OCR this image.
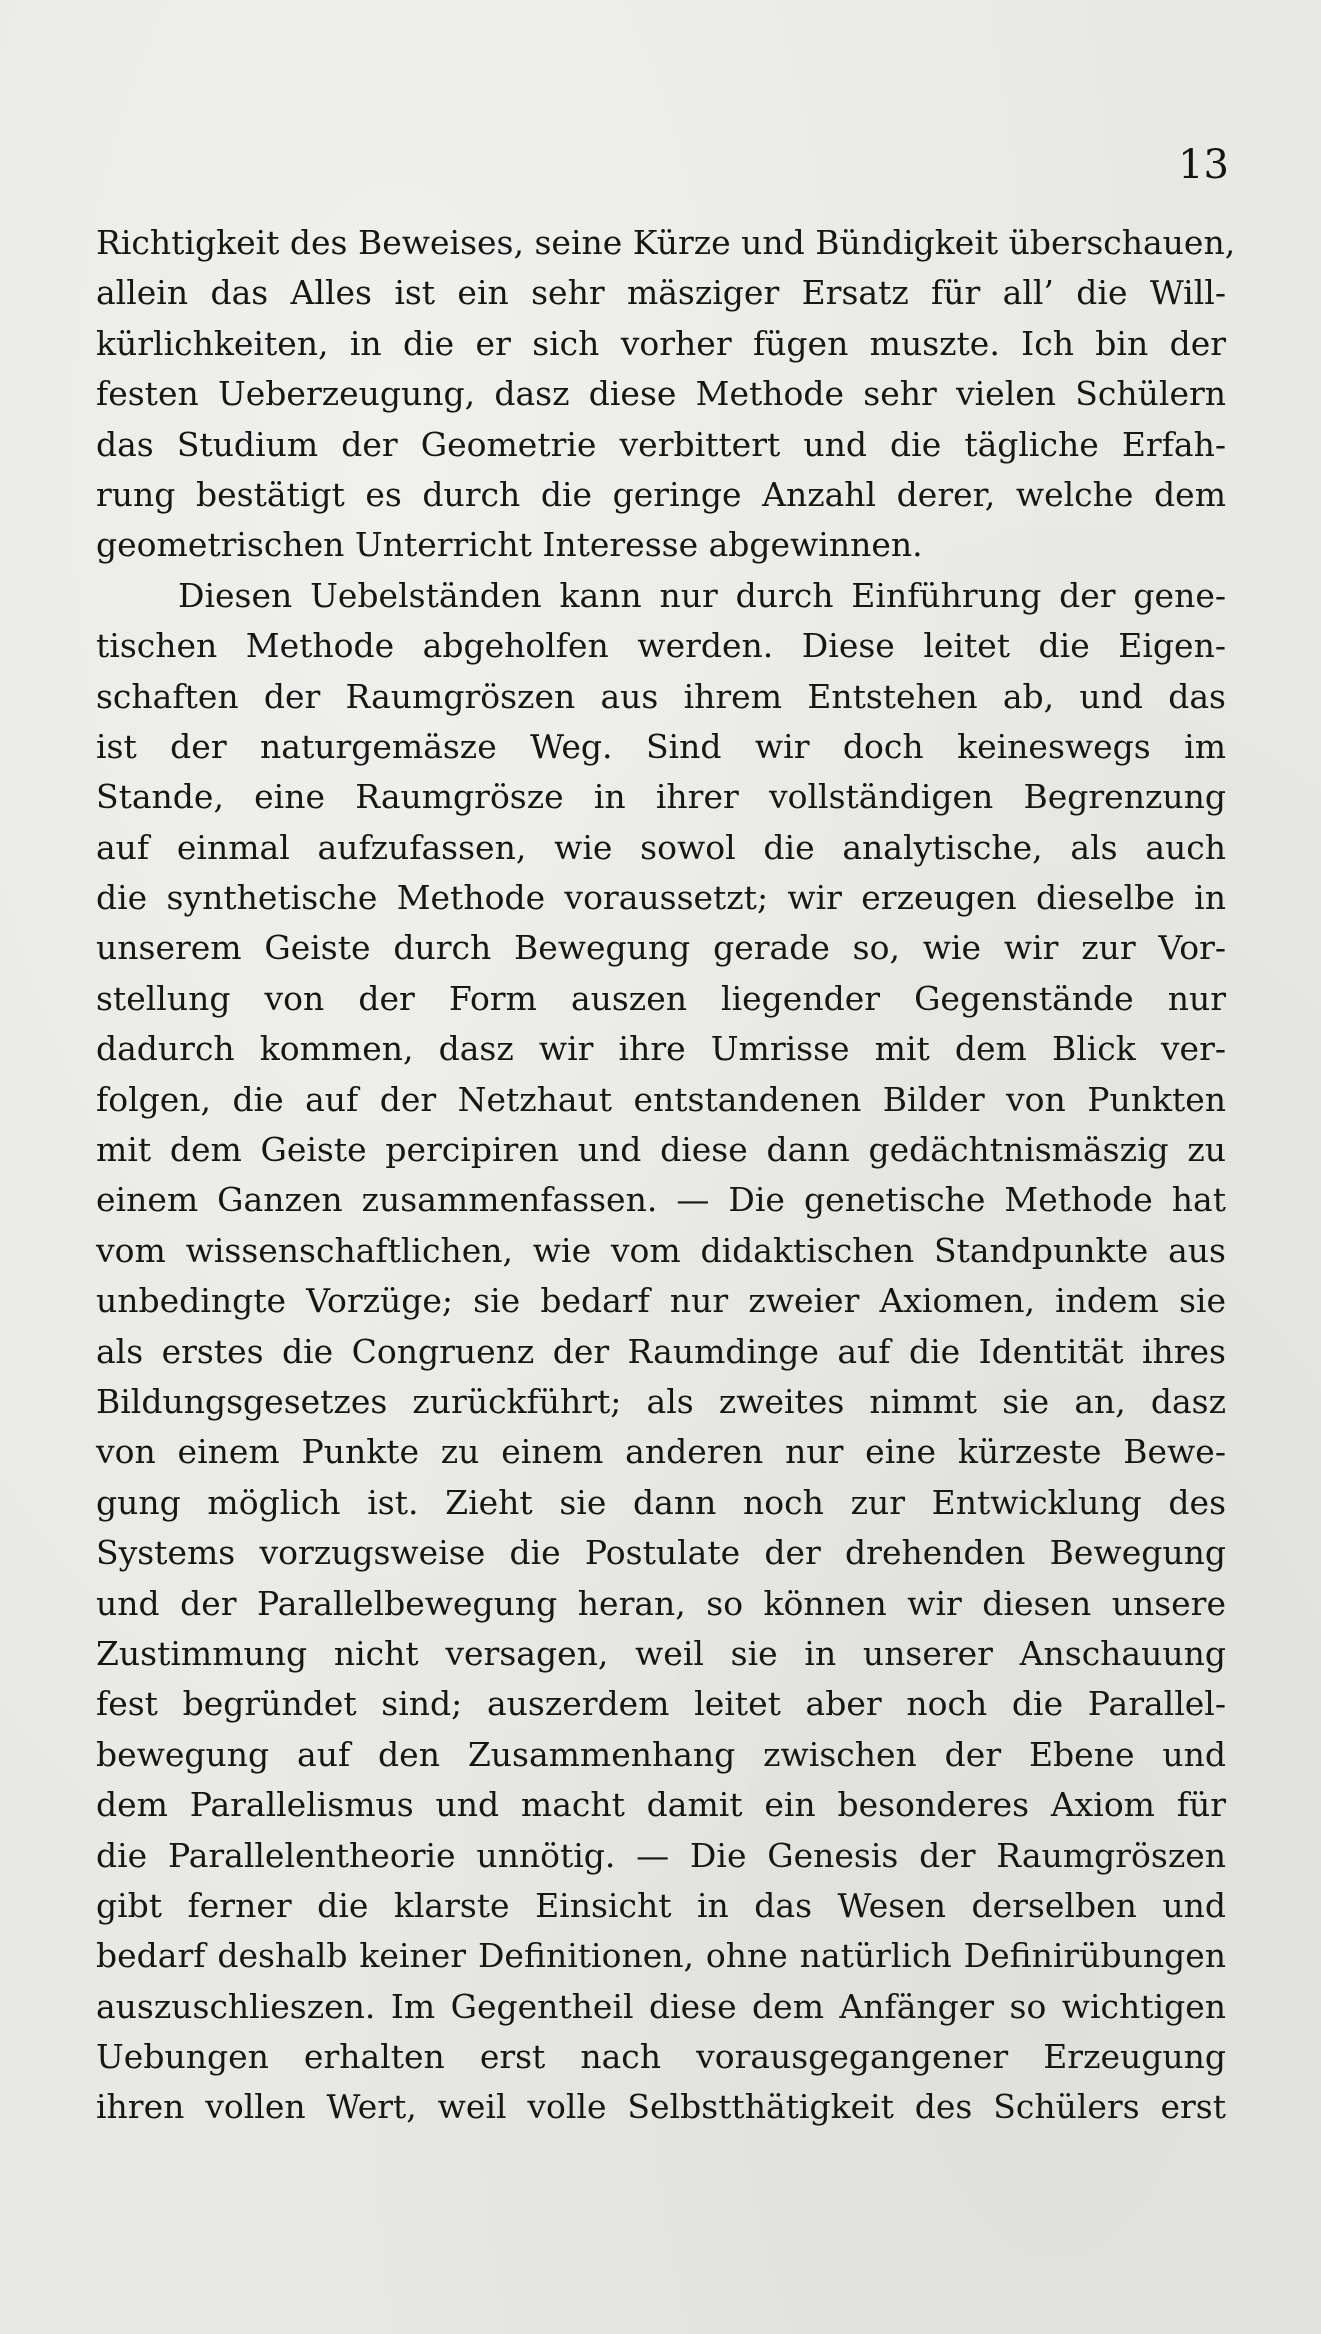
13

Richtigkeit des Beweises, seine Kürze und Bündigkeit überschauen,
allein das Alles ist ein sehr mäsziger Ersatz für all’ die Will-
kürlichkeiten, in die er sich vorher fügen muszte. Ich bin der
festen Ueberzeugung, dasz diese Methode sehr vielen Schülern
das Studium der Geometrie verbittert und die tägliche Erfah-
rung bestätigt es durch die geringe Anzahl derer, welche dem
geometrischen Unterricht Interesse abgewinnen.
Diesen Uebelständen kann nur durch Einführung der gene-
tischen Methode abgeholfen werden. Diese leitet die Eigen-
schaften der Raumgröszen aus ihrem Entstehen ab, und das
ist der naturgemäsze Weg. Sind wir doch keineswegs im
Stande, eine Raumgrösze in ihrer vollständigen Begrenzung
auf einmal aufzufassen, wie sowol die analytische, als auch
die synthetische Methode voraussetzt; wir erzeugen dieselbe in
unserem Geiste durch Bewegung gerade so, wie wir zur Vor-
stellung von der Form auszen liegender Gegenstände nur
dadurch kommen, dasz wir ihre Umrisse mit dem Blick ver-
folgen, die auf der Netzhaut entstandenen Bilder von Punkten
mit dem Geiste percipiren und diese dann gedächtnismäszig zu
einem Ganzen zusammenfassen. — Die genetische Methode hat
vom wissenschaftlichen, wie vom didaktischen Standpunkte aus
unbedingte Vorzüge; sie bedarf nur zweier Axiomen, indem sie
als erstes die Congruenz der Raumdinge auf die Identität ihres
Bildungsgesetzes zurückführt; als zweites nimmt sie an, dasz
von einem Punkte zu einem anderen nur eine kürzeste Bewe-
gung möglich ist. Zieht sie dann noch zur Entwicklung des
Systems vorzugsweise die Postulate der drehenden Bewegung
und der Parallelbewegung heran, so können wir diesen unsere
Zustimmung nicht versagen, weil sie in unserer Anschauung
fest begründet sind; auszerdem leitet aber noch die Parallel-
bewegung auf den Zusammenhang zwischen der Ebene und
dem Parallelismus und macht damit ein besonderes Axiom für
die Parallelentheorie unnötig. — Die Genesis der Raumgröszen
gibt ferner die klarste Einsicht in das Wesen derselben und
bedarf deshalb keiner Definitionen, ohne natürlich Definirübungen
auszuschlieszen. Im Gegentheil diese dem Anfänger so wichtigen
Uebungen erhalten erst nach vorausgegangener Erzeugung
ihren vollen Wert, weil volle Selbstthätigkeit des Schülers erst
